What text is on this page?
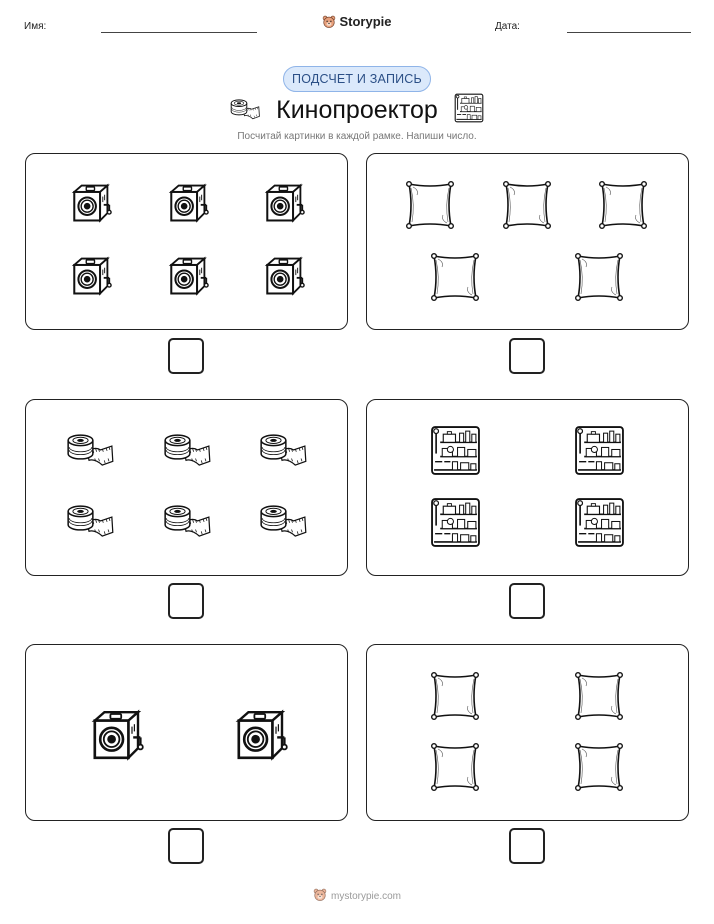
Имя:	Storypie	Дата:
ПОДСЧЕТ И ЗАПИСЬ
Кинопроектор
Посчитай картинки в каждой рамке. Напиши число.
mystorypie.com
